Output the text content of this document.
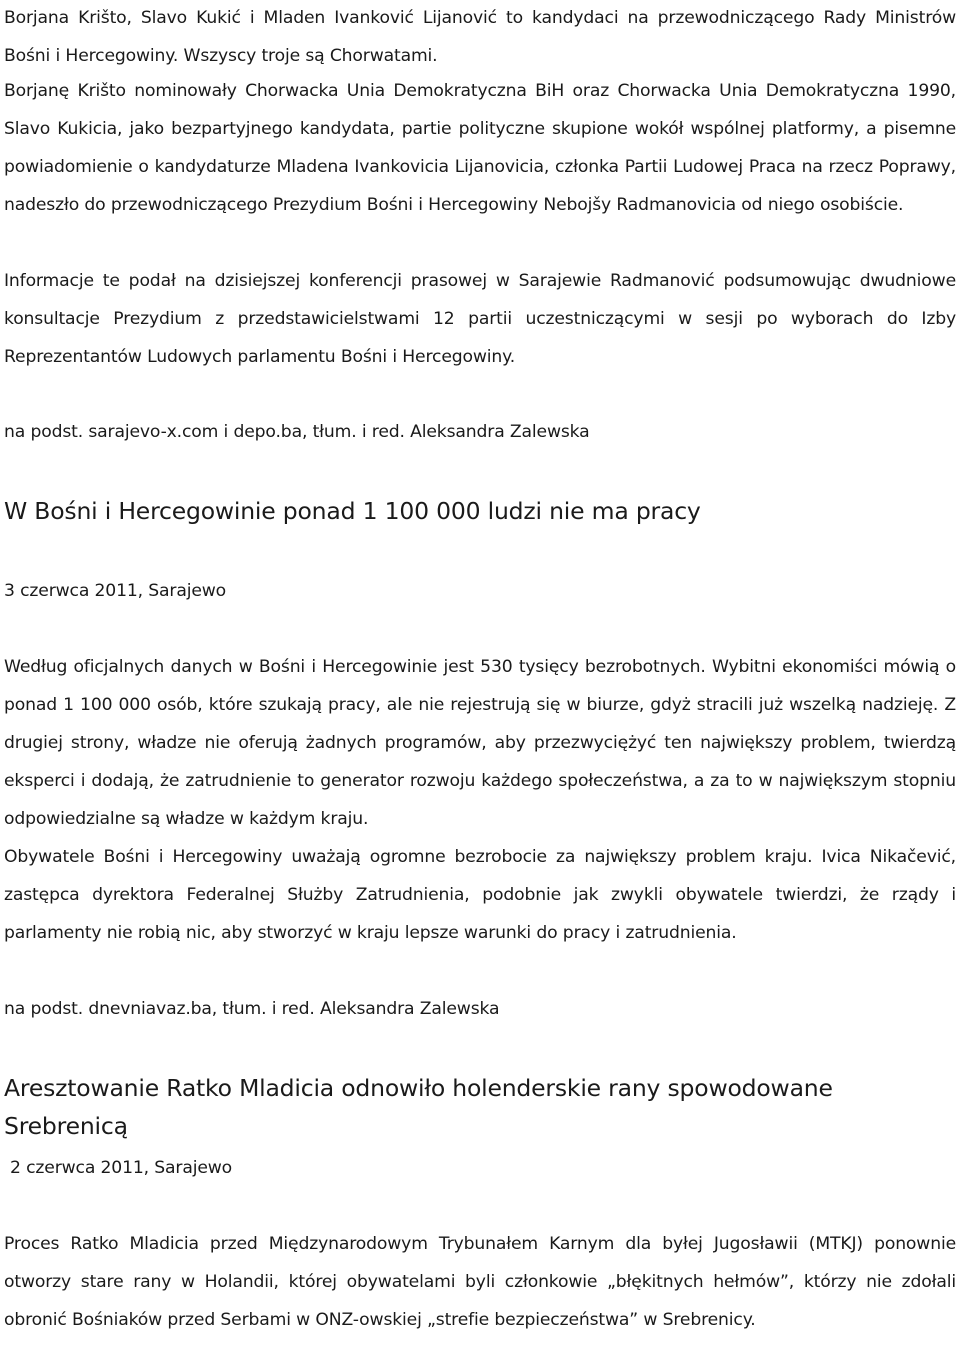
Borjana Krišto, Slavo Kukić i Mladen Ivanković Lijanović to kandydaci na przewodniczącego Rady Ministrów Bośni i Hercegowiny. Wszyscy troje są Chorwatami.

Borjanę Krišto nominowały Chorwacka Unia Demokratyczna BiH oraz Chorwacka Unia Demokratyczna 1990, Slavo Kukicia, jako bezpartyjnego kandydata, partie polityczne skupione wokół wspólnej platformy, a pisemne powiadomienie o kandydaturze Mladena Ivankovicia Lijanovicia, członka Partii Ludowej Praca na rzecz Poprawy, nadeszło do przewodniczącego Prezydium Bośni i Hercegowiny Nebojšy Radmanovicia od niego osobiście.

Informacje te podał na dzisiejszej konferencji prasowej w Sarajewie Radmanović podsumowując dwudniowe konsultacje Prezydium z przedstawicielstwami 12 partii uczestniczącymi w sesji po wyborach do Izby Reprezentantów Ludowych parlamentu Bośni i Hercegowiny.

na podst. sarajevo-x.com i depo.ba, tłum. i red. Aleksandra Zalewska

W Bośni i Hercegowinie ponad 1 100 000 ludzi nie ma pracy

3 czerwca 2011, Sarajewo

Według oficjalnych danych w Bośni i Hercegowinie jest 530 tysięcy bezrobotnych. Wybitni ekonomiści mówią o ponad 1 100 000 osób, które szukają pracy, ale nie rejestrują się w biurze, gdyż stracili już wszelką nadzieję. Z drugiej strony, władze nie oferują żadnych programów, aby przezwyciężyć ten największy problem, twierdzą eksperci i dodają, że zatrudnienie to generator rozwoju każdego społeczeństwa, a za to w największym stopniu odpowiedzialne są władze w każdym kraju.

Obywatele Bośni i Hercegowiny uważają ogromne bezrobocie za największy problem kraju. Ivica Nikačević, zastępca dyrektora Federalnej Służby Zatrudnienia, podobnie jak zwykli obywatele twierdzi, że rządy i parlamenty nie robią nic, aby stworzyć w kraju lepsze warunki do pracy i zatrudnienia.

na podst. dnevniavaz.ba, tłum. i red. Aleksandra Zalewska

Aresztowanie Ratko Mladicia odnowiło holenderskie rany spowodowane Srebrenicą

2 czerwca 2011, Sarajewo

Proces Ratko Mladicia przed Międzynarodowym Trybunałem Karnym dla byłej Jugosławii (MTKJ) ponownie otworzy stare rany w Holandii, której obywatelami byli członkowie „błękitnych hełmów”, którzy nie zdołali obronić Bośniaków przed Serbami w ONZ-owskiej „strefie bezpieczeństwa” w Srebrenicy.
